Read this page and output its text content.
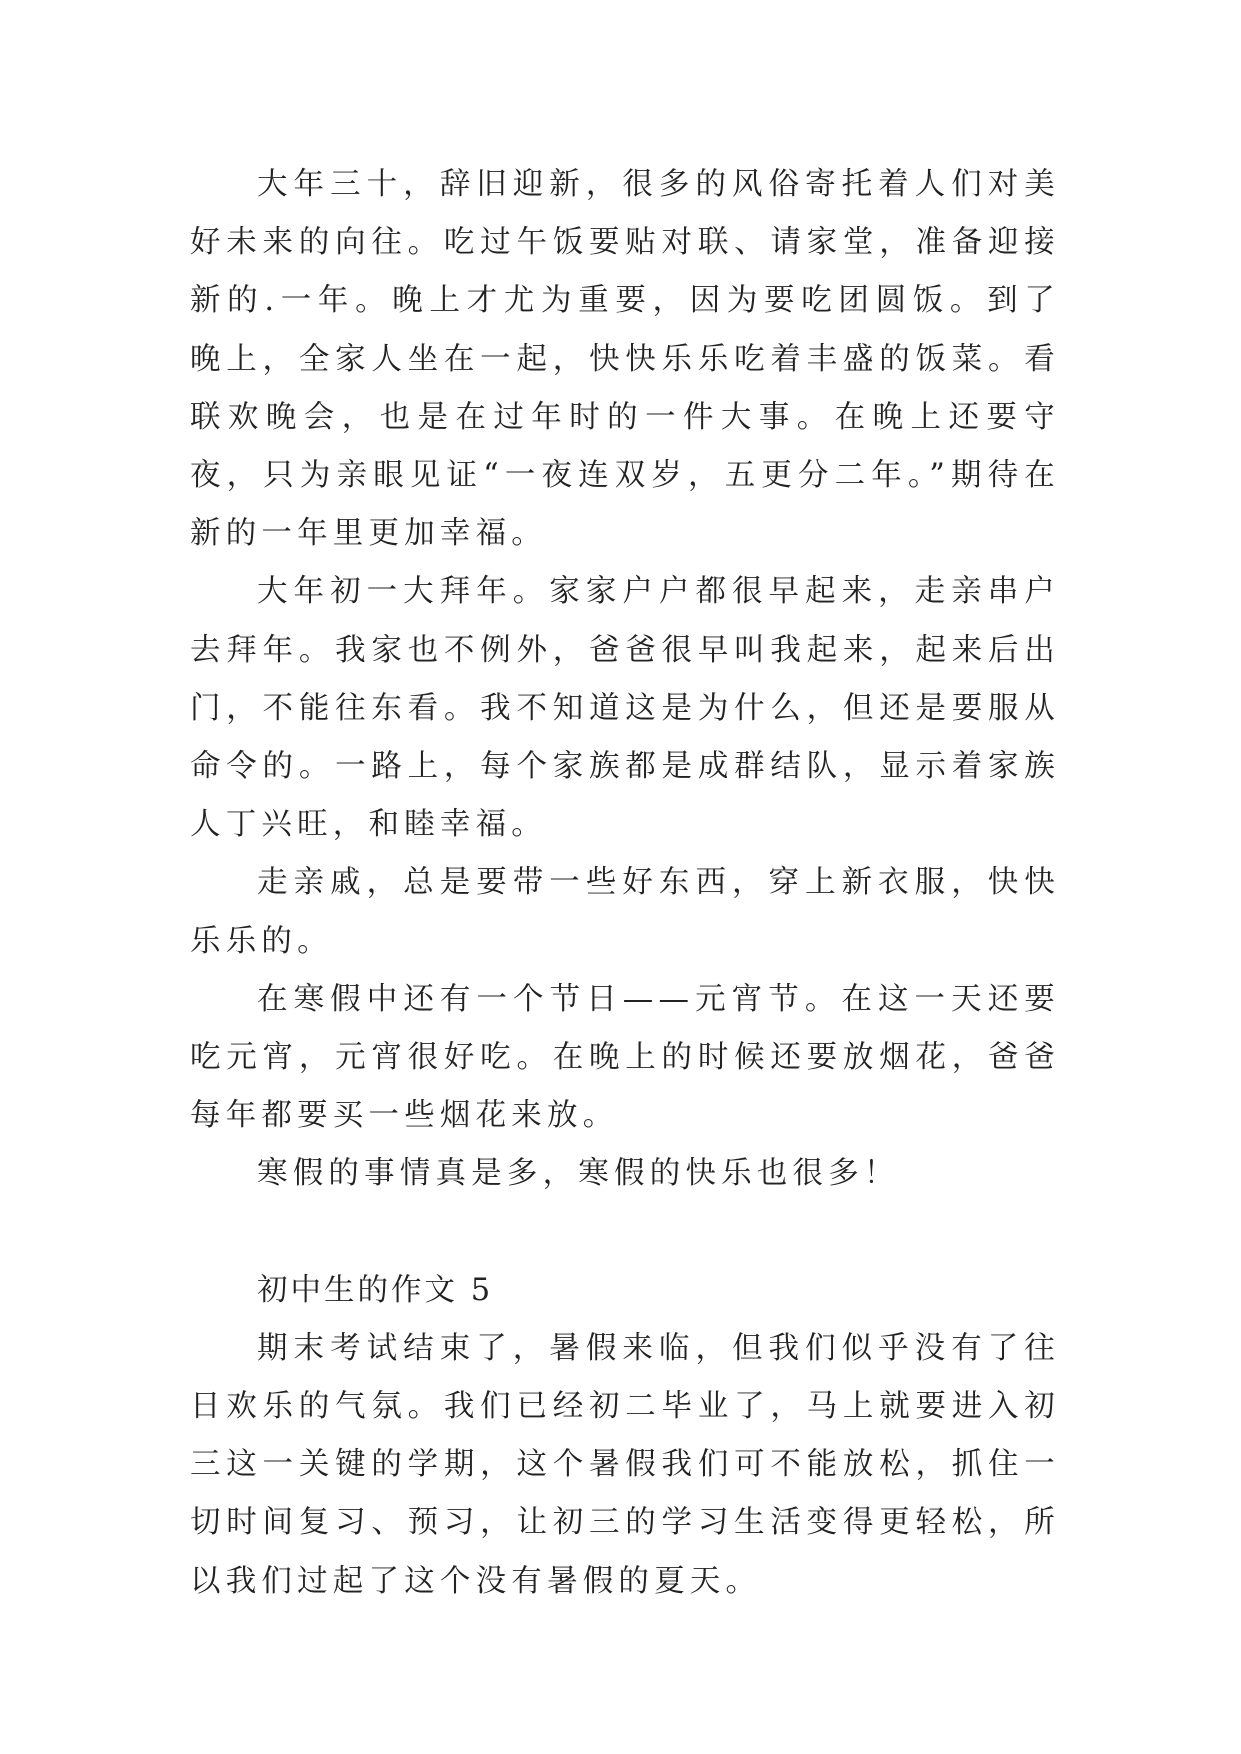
大年三十，辞旧迎新，很多的风俗寄托着人们对美好未来的向往。吃过午饭要贴对联、请家堂，准备迎接新的.一年。晚上才尤为重要，因为要吃团圆饭。到了晚上，全家人坐在一起，快快乐乐吃着丰盛的饭菜。看联欢晚会，也是在过年时的一件大事。在晚上还要守夜，只为亲眼见证“一夜连双岁，五更分二年。”期待在新的一年里更加幸福。

大年初一大拜年。家家户户都很早起来，走亲串户去拜年。我家也不例外，爸爸很早叫我起来，起来后出门，不能往东看。我不知道这是为什么，但还是要服从命令的。一路上，每个家族都是成群结队，显示着家族人丁兴旺，和睦幸福。

走亲戚，总是要带一些好东西，穿上新衣服，快快乐乐的。

在寒假中还有一个节日——元宵节。在这一天还要吃元宵，元宵很好吃。在晚上的时候还要放烟花，爸爸每年都要买一些烟花来放。

寒假的事情真是多，寒假的快乐也很多！

初中生的作文 5

期末考试结束了，暑假来临，但我们似乎没有了往日欢乐的气氛。我们已经初二毕业了，马上就要进入初三这一关键的学期，这个暑假我们可不能放松，抓住一切时间复习、预习，让初三的学习生活变得更轻松，所以我们过起了这个没有暑假的夏天。
